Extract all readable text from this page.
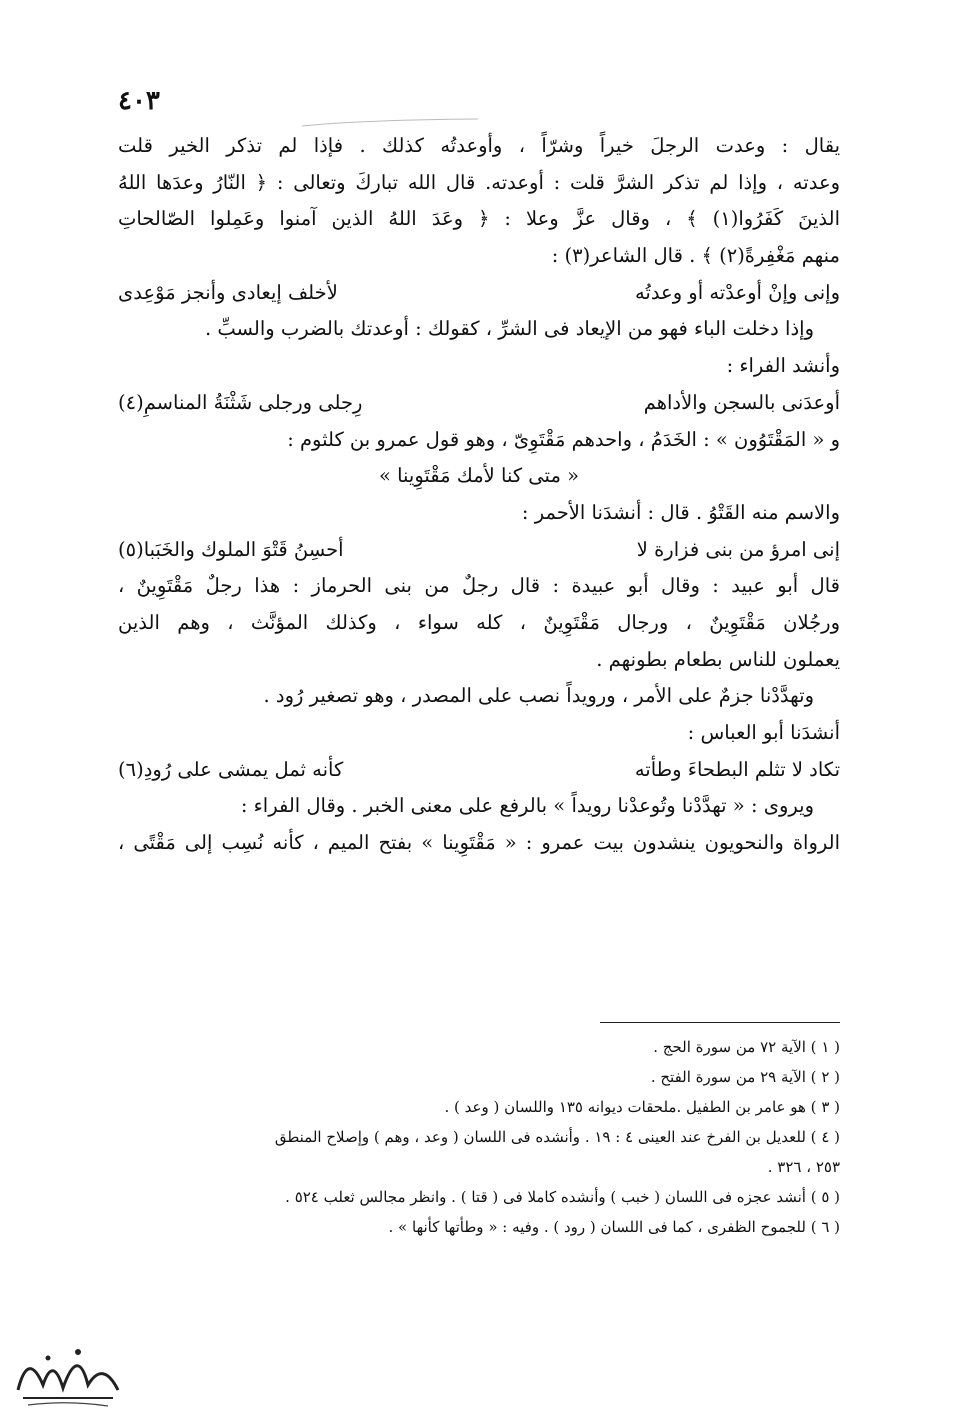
٤٠٣
يقال : وعدت الرجلَ خيراً وشرّاً ، وأوعدتُه كذلك . فإذا لم تذكر الخير قلت
وعدته ، وإذا لم تذكر الشرَّ قلت : أوعدته. قال الله تباركَ وتعالى : ﴿ النّارُ وعدَها اللهُ
الذينَ كَفَرُوا(١) ﴾ ، وقال عزَّ وعلا : ﴿ وعَدَ اللهُ الذين آمنوا وعَمِلوا الصّالحاتِ
منهم مَغْفِرةً(٢) ﴾ . قال الشاعر(٣) :
وإنى وإنْ أوعدْته أو وعدتُه
لأخلف إيعادى وأنجز مَوْعِدى
وإذا دخلت الباء فهو من الإيعاد فى الشرِّ ، كقولك : أوعدتك بالضرب والسبِّ .
وأنشد الفراء :
أوعدَنى بالسجن والأداهم
رِجلى ورجلى شَثْنَةُ المناسمِ(٤)
و « المَقْتَوُون » : الخَدَمُ ، واحدهم مَقْتَوِىّ ، وهو قول عمرو بن كلثوم :
« متى كنا لأمك مَقْتَوِينا »
والاسم منه القَتْوُ . قال : أنشدَنا الأحمر :
إنى امرؤ من بنى فزارة لا
أحسِنُ قَتْوَ الملوك والخَبَبا(٥)
قال أبو عبيد : وقال أبو عبيدة : قال رجلٌ من بنى الحرماز : هذا رجلٌ مَقْتَوِينٌ ،
ورجُلان مَقْتَوِينٌ ، ورجال مَقْتَوِينٌ ، كله سواء ، وكذلك المؤنَّث ، وهم الذين
يعملون للناس بطعام بطونهم .
وتهدَّدْنا جزمٌ على الأمر ، ورويداً نصب على المصدر ، وهو تصغير رُود .
أنشدَنا أبو العباس :
تكاد لا تثلم البطحاءَ وطأته
كأنه ثمل يمشى على رُودِ(٦)
ويروى : « تهدَّدْنا وتُوعدْنا رويداً » بالرفع على معنى الخبر . وقال الفراء :
الرواة والنحويون ينشدون بيت عمرو : « مَقْتَوِينا » بفتح الميم ، كأنه نُسِب إلى مَقْتًى ،
( ١ ) الآية ٧٢ من سورة الحج .
( ٢ ) الآية ٢٩ من سورة الفتح .
( ٣ ) هو عامر بن الطفيل .ملحقات ديوانه ١٣٥ واللسان ( وعد ) .
( ٤ ) للعديل بن الفرخ عند العينى ٤ : ١٩ . وأنشده فى اللسان ( وعد ، وهم ) وإصلاح المنطق
٢٥٣ ، ٣٢٦ .
( ٥ ) أنشد عجزه فى اللسان ( خبب ) وأنشده كاملا فى ( قتا ) . وانظر مجالس ثعلب ٥٢٤ .
( ٦ ) للجموح الظفرى ، كما فى اللسان ( رود ) . وفيه : « وطأتها كأنها » .
